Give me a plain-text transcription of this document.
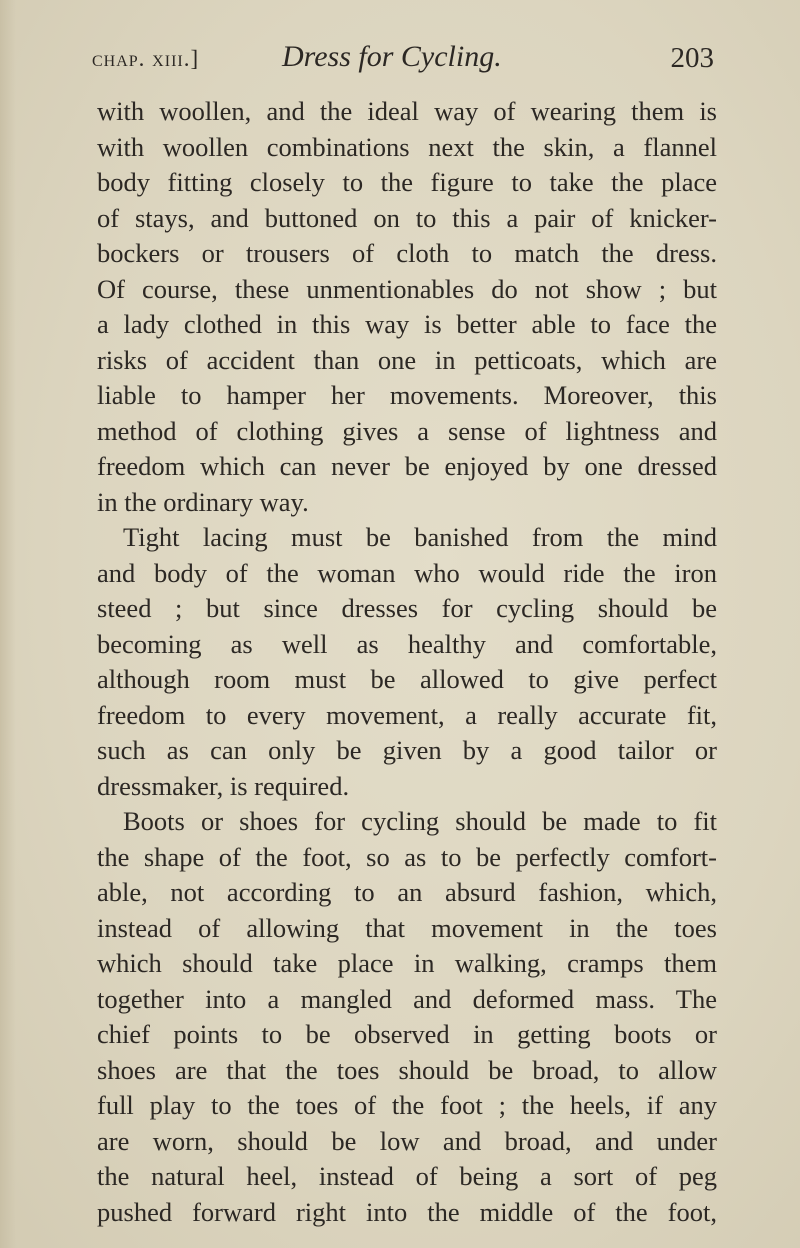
chap. xiii.]	Dress for Cycling.	203
with woollen, and the ideal way of wearing them is
with woollen combinations next the skin, a flannel
body fitting closely to the figure to take the place
of stays, and buttoned on to this a pair of knicker-
bockers or trousers of cloth to match the dress.
Of course, these unmentionables do not show ; but
a lady clothed in this way is better able to face the
risks of accident than one in petticoats, which are
liable to hamper her movements. Moreover, this
method of clothing gives a sense of lightness and
freedom which can never be enjoyed by one dressed
in the ordinary way.
Tight lacing must be banished from the mind
and body of the woman who would ride the iron
steed ; but since dresses for cycling should be
becoming as well as healthy and comfortable,
although room must be allowed to give perfect
freedom to every movement, a really accurate fit,
such as can only be given by a good tailor or
dressmaker, is required.
Boots or shoes for cycling should be made to fit
the shape of the foot, so as to be perfectly comfort-
able, not according to an absurd fashion, which,
instead of allowing that movement in the toes
which should take place in walking, cramps them
together into a mangled and deformed mass. The
chief points to be observed in getting boots or
shoes are that the toes should be broad, to allow
full play to the toes of the foot ; the heels, if any
are worn, should be low and broad, and under
the natural heel, instead of being a sort of peg
pushed forward right into the middle of the foot,
